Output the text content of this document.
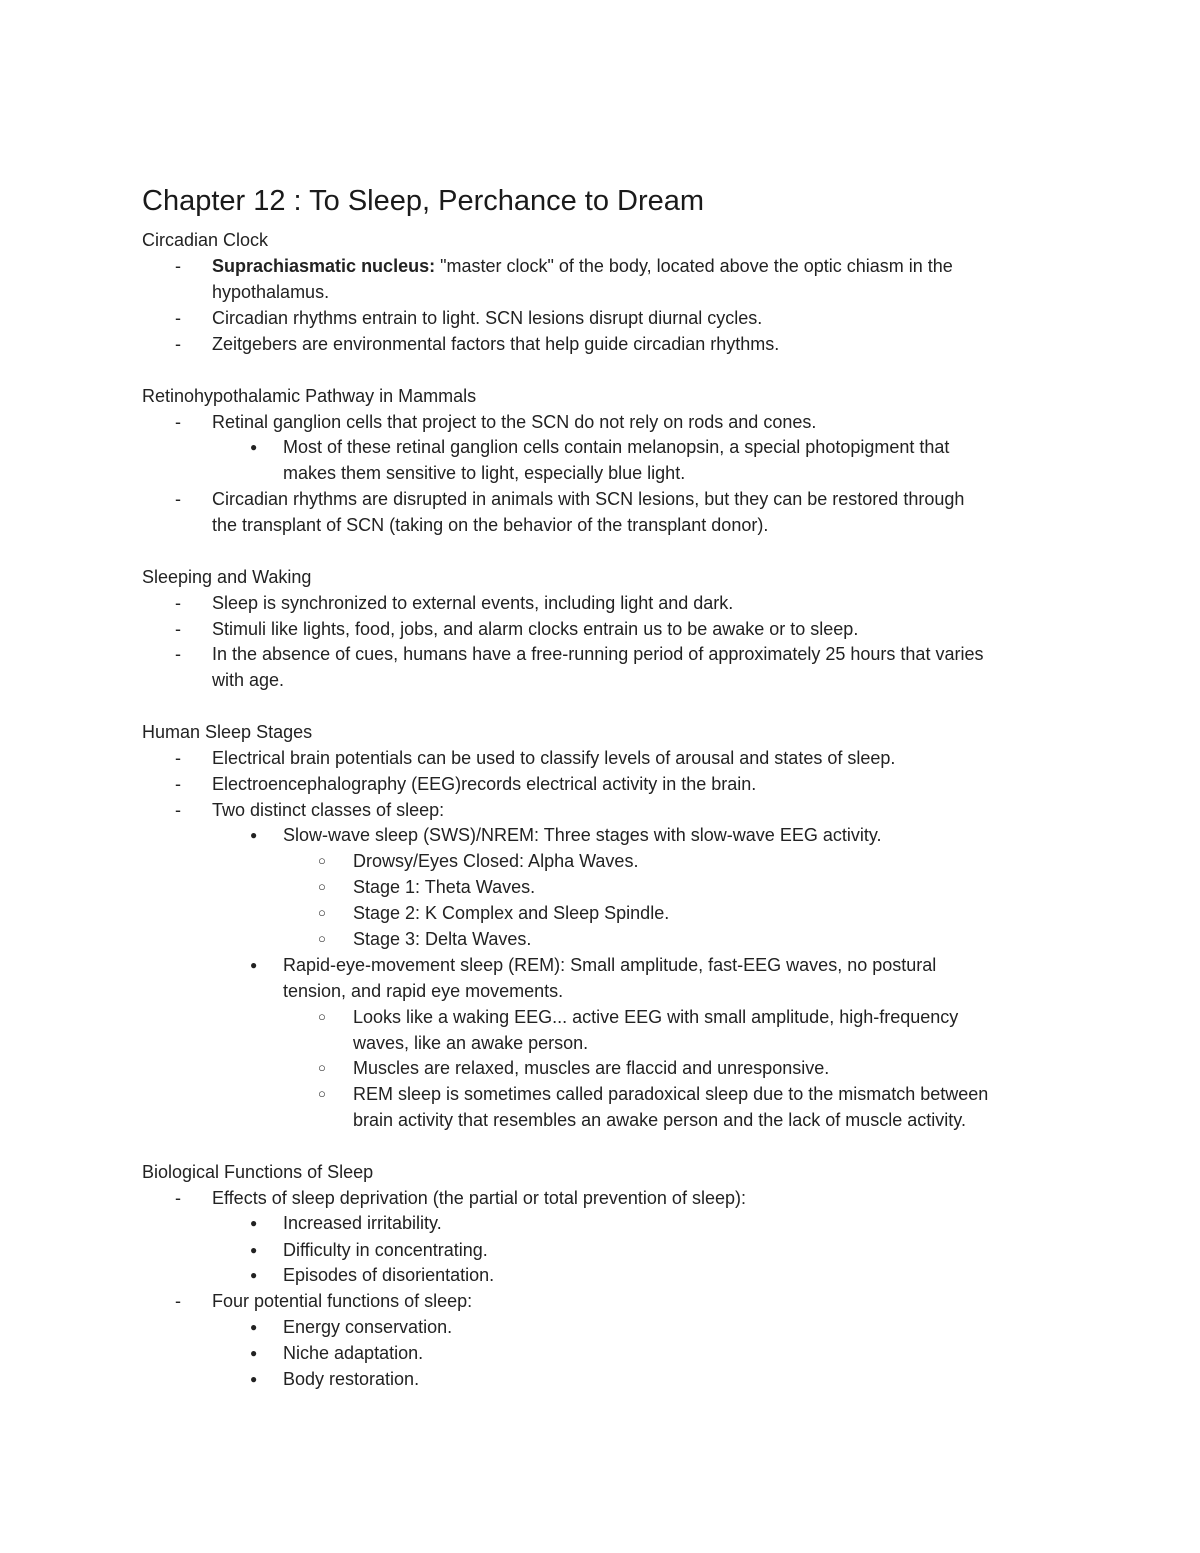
Chapter 12 : To Sleep, Perchance to Dream
Circadian Clock
- Suprachiasmatic nucleus: "master clock" of the body, located above the optic chiasm in the
hypothalamus.
- Circadian rhythms entrain to light. SCN lesions disrupt diurnal cycles.
- Zeitgebers are environmental factors that help guide circadian rhythms.
Retinohypothalamic Pathway in Mammals
- Retinal ganglion cells that project to the SCN do not rely on rods and cones.
● Most of these retinal ganglion cells contain melanopsin, a special photopigment that
makes them sensitive to light, especially blue light.
- Circadian rhythms are disrupted in animals with SCN lesions, but they can be restored through
the transplant of SCN (taking on the behavior of the transplant donor).
Sleeping and Waking
- Sleep is synchronized to external events, including light and dark.
- Stimuli like lights, food, jobs, and alarm clocks entrain us to be awake or to sleep.
- In the absence of cues, humans have a free-running period of approximately 25 hours that varies
with age.
Human Sleep Stages
- Electrical brain potentials can be used to classify levels of arousal and states of sleep.
- Electroencephalography (EEG)records electrical activity in the brain.
- Two distinct classes of sleep:
● Slow-wave sleep (SWS)/NREM: Three stages with slow-wave EEG activity.
○ Drowsy/Eyes Closed: Alpha Waves.
○ Stage 1: Theta Waves.
○ Stage 2: K Complex and Sleep Spindle.
○ Stage 3: Delta Waves.
● Rapid-eye-movement sleep (REM): Small amplitude, fast-EEG waves, no postural
tension, and rapid eye movements.
○ Looks like a waking EEG... active EEG with small amplitude, high-frequency
waves, like an awake person.
○ Muscles are relaxed, muscles are flaccid and unresponsive.
○ REM sleep is sometimes called paradoxical sleep due to the mismatch between
brain activity that resembles an awake person and the lack of muscle activity.
Biological Functions of Sleep
- Effects of sleep deprivation (the partial or total prevention of sleep):
● Increased irritability.
● Difficulty in concentrating.
● Episodes of disorientation.
- Four potential functions of sleep:
● Energy conservation.
● Niche adaptation.
● Body restoration.
